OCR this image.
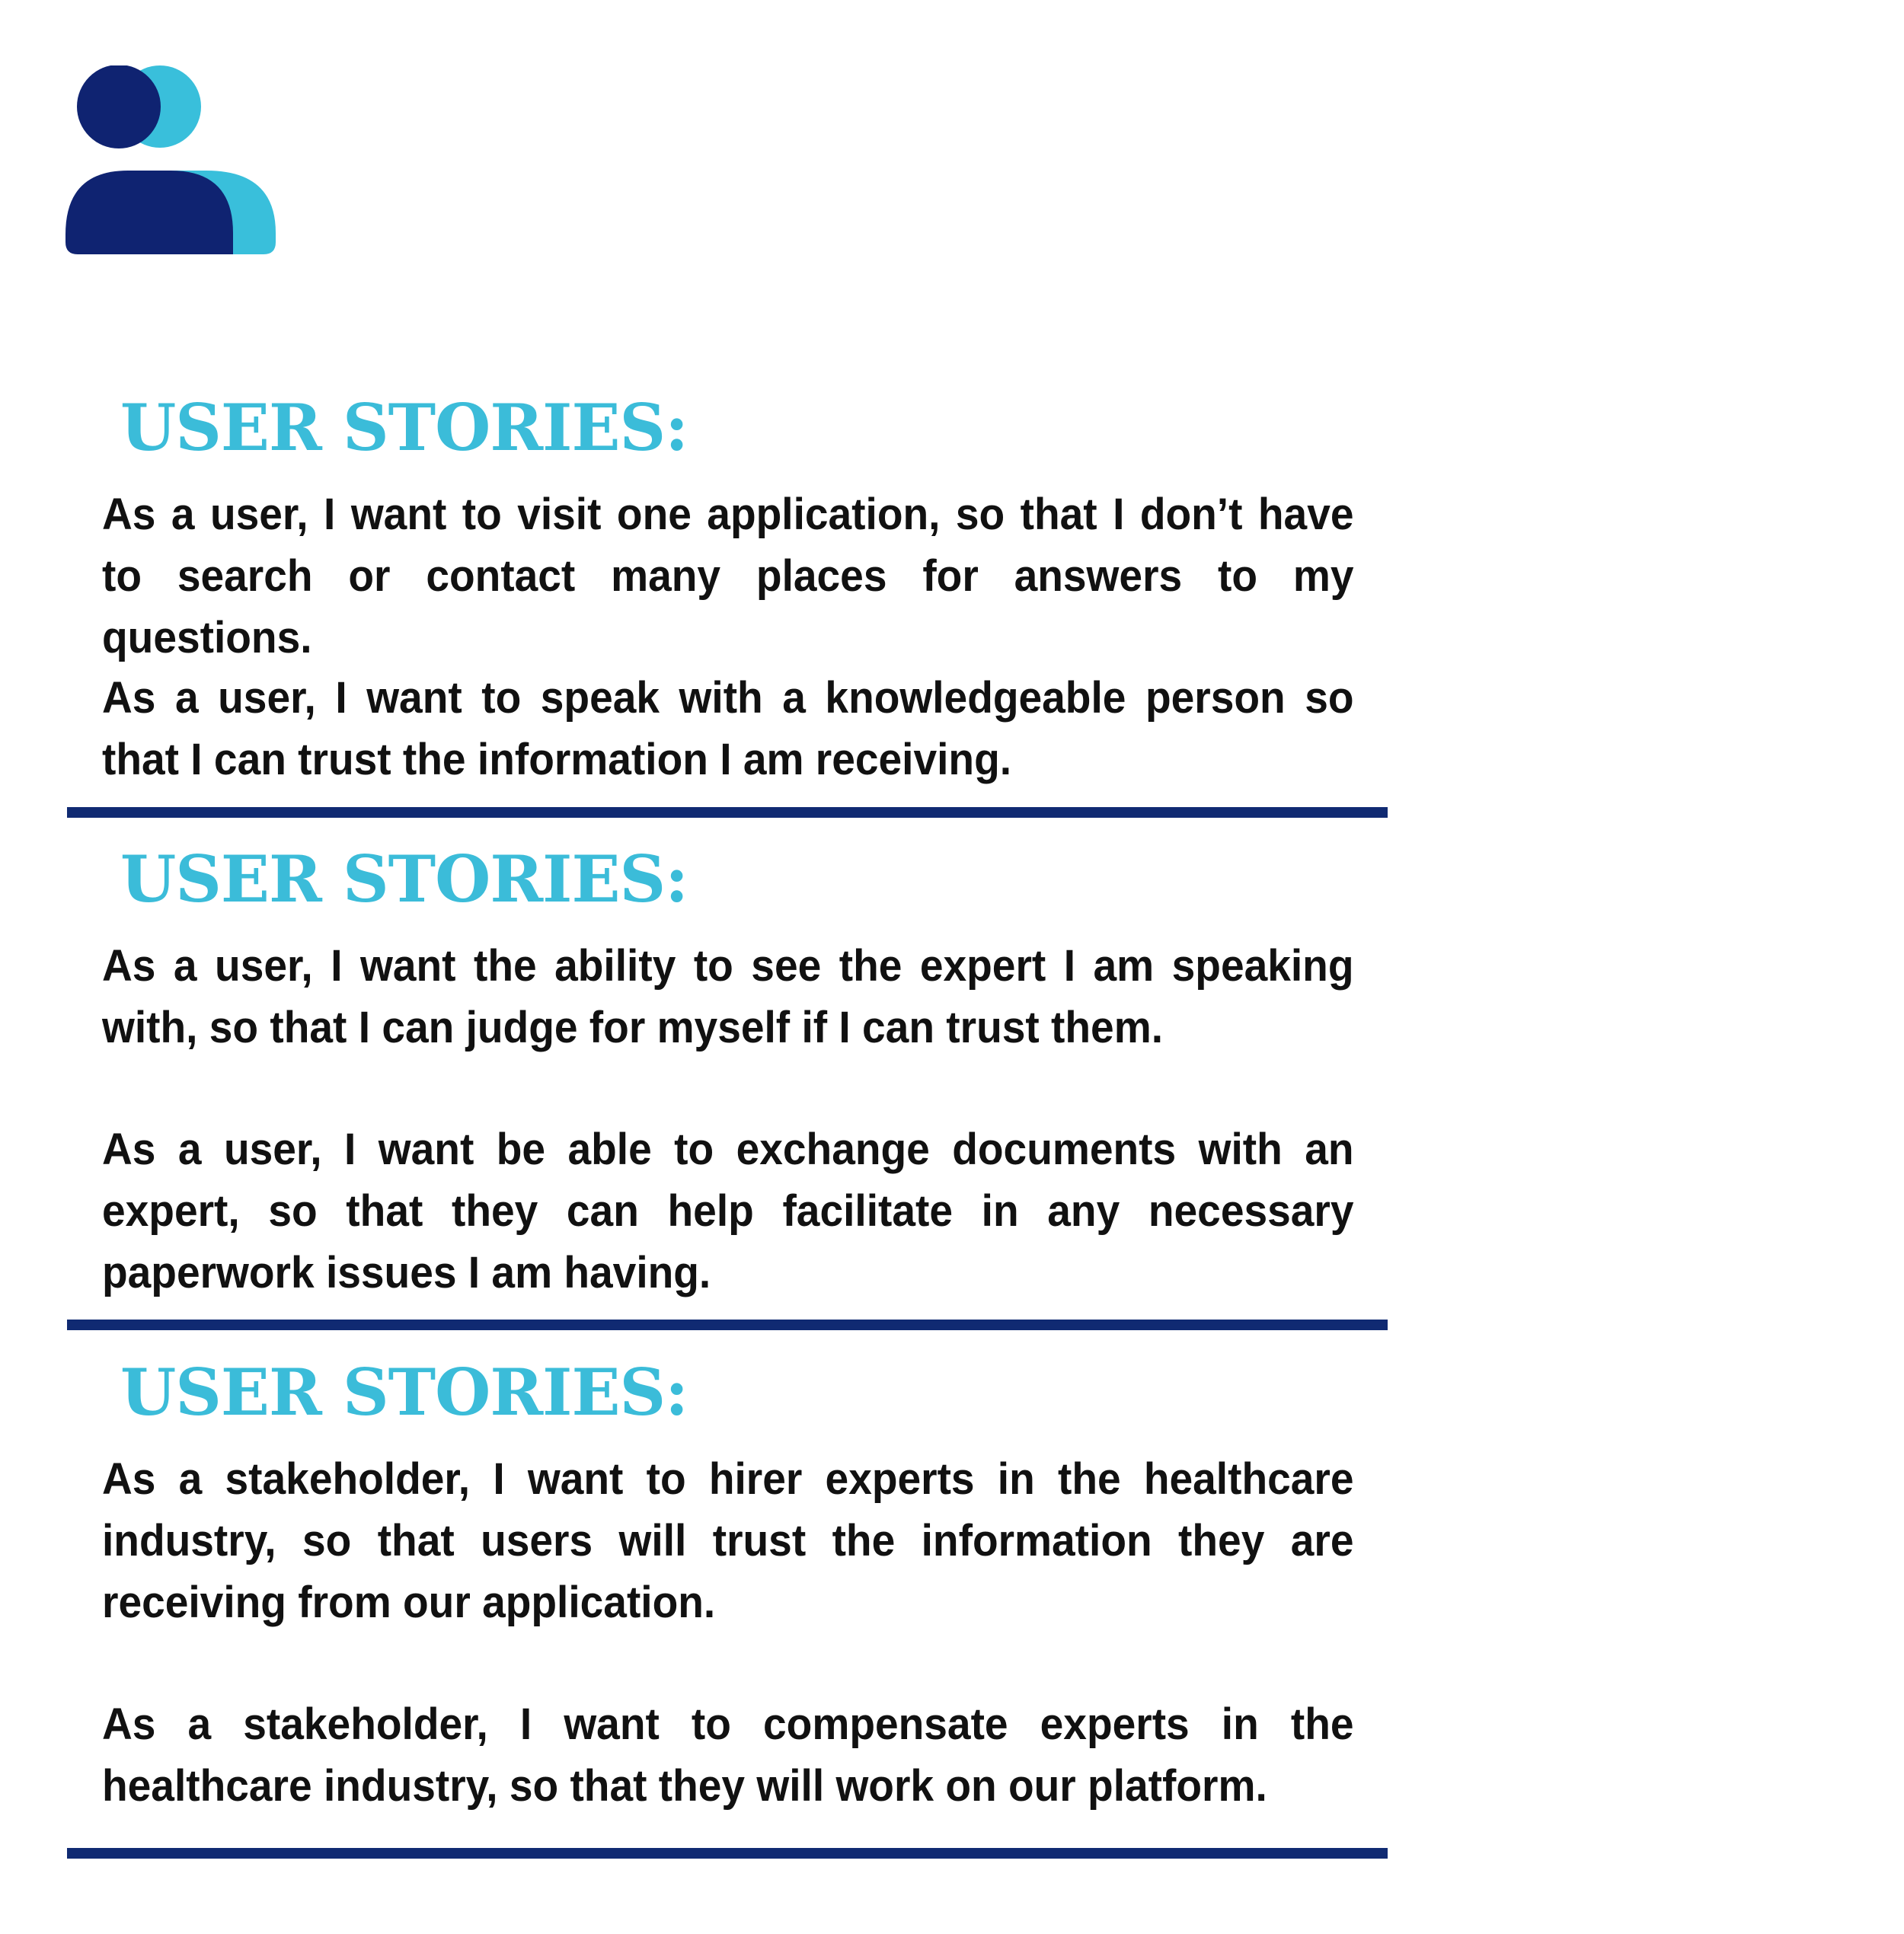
USER STORIES:

As a user, I want to visit one application, so that I don’t have to search or contact many places for answers to my questions.

As a user, I want to speak with a knowledgeable person so that I can trust the information I am receiving.

USER STORIES:

As a user, I want the ability to see the expert I am speaking with, so that I can judge for myself if I can trust them.

As a user, I want be able to exchange documents with an expert, so that they can help facilitate in any necessary paperwork issues I am having.

USER STORIES:

As a stakeholder, I want to hirer experts in the healthcare industry, so that users will trust the information they are receiving from our application.

As a stakeholder, I want to compensate experts in the healthcare industry, so that they will work on our platform.
